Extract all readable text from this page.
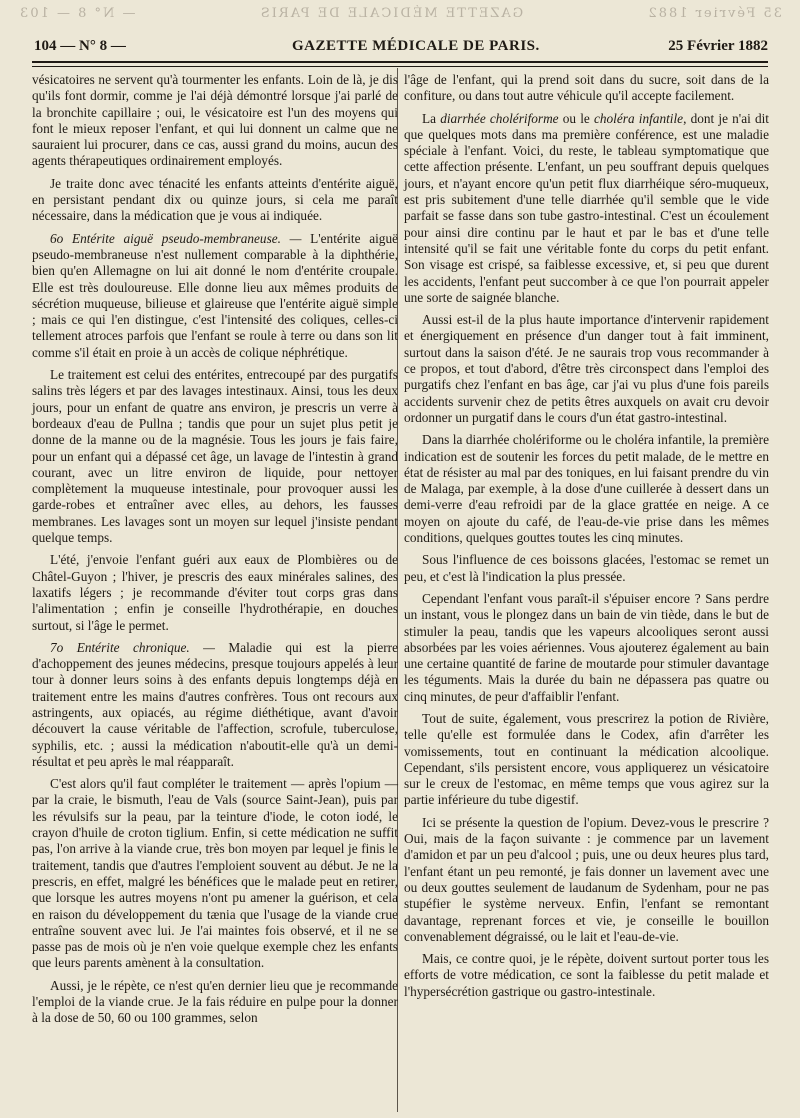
35 Février 1882
GAZETTE MÉDICALE DE PARIS
— N° 8 — 103
104 — N° 8 —	GAZETTE MÉDICALE DE PARIS.	25 Février 1882

vésicatoires ne servent qu'à tourmenter les enfants. Loin de là, je dis qu'ils font dormir, comme je l'ai déjà démontré lorsque j'ai parlé de la bronchite capillaire ; oui, le vésicatoire est l'un des moyens qui font le mieux reposer l'enfant, et qui lui donnent un calme que ne sauraient lui procurer, dans ce cas, aussi grand du moins, aucun des agents thérapeutiques ordinairement employés.

Je traite donc avec ténacité les enfants atteints d'entérite aiguë, en persistant pendant dix ou quinze jours, si cela me paraît nécessaire, dans la médication que je vous ai indiquée.

6o Entérite aiguë pseudo-membraneuse. — L'entérite aiguë pseudo-membraneuse n'est nullement comparable à la diphthérie, bien qu'en Allemagne on lui ait donné le nom d'entérite croupale. Elle est très douloureuse. Elle donne lieu aux mêmes produits de sécrétion muqueuse, bilieuse et glaireuse que l'entérite aiguë simple ; mais ce qui l'en distingue, c'est l'intensité des coliques, celles-ci tellement atroces parfois que l'enfant se roule à terre ou dans son lit comme s'il était en proie à un accès de colique néphrétique.

Le traitement est celui des entérites, entrecoupé par des purgatifs salins très légers et par des lavages intestinaux. Ainsi, tous les deux jours, pour un enfant de quatre ans environ, je prescris un verre à bordeaux d'eau de Pullna ; tandis que pour un sujet plus petit je donne de la manne ou de la magnésie. Tous les jours je fais faire, pour un enfant qui a dépassé cet âge, un lavage de l'intestin à grand courant, avec un litre environ de liquide, pour nettoyer complètement la muqueuse intestinale, pour provoquer aussi les garde-robes et entraîner avec elles, au dehors, les fausses membranes. Les lavages sont un moyen sur lequel j'insiste pendant quelque temps.

L'été, j'envoie l'enfant guéri aux eaux de Plombières ou de Châtel-Guyon ; l'hiver, je prescris des eaux minérales salines, des laxatifs légers ; je recommande d'éviter tout corps gras dans l'alimentation ; enfin je conseille l'hydrothérapie, en douches surtout, si l'âge le permet.

7o Entérite chronique. — Maladie qui est la pierre d'achoppement des jeunes médecins, presque toujours appelés à leur tour à donner leurs soins à des enfants depuis longtemps déjà en traitement entre les mains d'autres confrères. Tous ont recours aux astringents, aux opiacés, au régime diéthétique, avant d'avoir découvert la cause véritable de l'affection, scrofule, tuberculose, syphilis, etc. ; aussi la médication n'aboutit-elle qu'à un demi-résultat et peu après le mal réapparaît.

C'est alors qu'il faut compléter le traitement — après l'opium — par la craie, le bismuth, l'eau de Vals (source Saint-Jean), puis par les révulsifs sur la peau, par la teinture d'iode, le coton iodé, le crayon d'huile de croton tiglium. Enfin, si cette médication ne suffit pas, l'on arrive à la viande crue, très bon moyen par lequel je finis le traitement, tandis que d'autres l'emploient souvent au début. Je ne la prescris, en effet, malgré les bénéfices que le malade peut en retirer, que lorsque les autres moyens n'ont pu amener la guérison, et cela en raison du développement du tænia que l'usage de la viande crue entraîne souvent avec lui. Je l'ai maintes fois observé, et il ne se passe pas de mois où je n'en voie quelque exemple chez les enfants que leurs parents amènent à la consultation.

Aussi, je le répète, ce n'est qu'en dernier lieu que je recommande l'emploi de la viande crue. Je la fais réduire en pulpe pour la donner à la dose de 50, 60 ou 100 grammes, selon

l'âge de l'enfant, qui la prend soit dans du sucre, soit dans de la confiture, ou dans tout autre véhicule qu'il accepte facilement.

La diarrhée cholériforme ou le choléra infantile, dont je n'ai dit que quelques mots dans ma première conférence, est une maladie spéciale à l'enfant. Voici, du reste, le tableau symptomatique que cette affection présente. L'enfant, un peu souffrant depuis quelques jours, et n'ayant encore qu'un petit flux diarrhéique séro-muqueux, est pris subitement d'une telle diarrhée qu'il semble que le vide parfait se fasse dans son tube gastro-intestinal. C'est un écoulement pour ainsi dire continu par le haut et par le bas et d'une telle intensité qu'il se fait une véritable fonte du corps du petit enfant. Son visage est crispé, sa faiblesse excessive, et, si peu que durent les accidents, l'enfant peut succomber à ce que l'on pourrait appeler une sorte de saignée blanche.

Aussi est-il de la plus haute importance d'intervenir rapidement et énergiquement en présence d'un danger tout à fait imminent, surtout dans la saison d'été. Je ne saurais trop vous recommander à ce propos, et tout d'abord, d'être très circonspect dans l'emploi des purgatifs chez l'enfant en bas âge, car j'ai vu plus d'une fois pareils accidents survenir chez de petits êtres auxquels on avait cru devoir ordonner un purgatif dans le cours d'un état gastro-intestinal.

Dans la diarrhée cholériforme ou le choléra infantile, la première indication est de soutenir les forces du petit malade, de le mettre en état de résister au mal par des toniques, en lui faisant prendre du vin de Malaga, par exemple, à la dose d'une cuillerée à dessert dans un demi-verre d'eau refroidi par de la glace grattée en neige. A ce moyen on ajoute du café, de l'eau-de-vie prise dans les mêmes conditions, quelques gouttes toutes les cinq minutes.

Sous l'influence de ces boissons glacées, l'estomac se remet un peu, et c'est là l'indication la plus pressée.

Cependant l'enfant vous paraît-il s'épuiser encore ? Sans perdre un instant, vous le plongez dans un bain de vin tiède, dans le but de stimuler la peau, tandis que les vapeurs alcooliques seront aussi absorbées par les voies aériennes. Vous ajouterez également au bain une certaine quantité de farine de moutarde pour stimuler davantage les téguments. Mais la durée du bain ne dépassera pas quatre ou cinq minutes, de peur d'affaiblir l'enfant.

Tout de suite, également, vous prescrirez la potion de Rivière, telle qu'elle est formulée dans le Codex, afin d'arrêter les vomissements, tout en continuant la médication alcoolique. Cependant, s'ils persistent encore, vous appliquerez un vésicatoire sur le creux de l'estomac, en même temps que vous agirez sur la partie inférieure du tube digestif.

Ici se présente la question de l'opium. Devez-vous le prescrire ? Oui, mais de la façon suivante : je commence par un lavement d'amidon et par un peu d'alcool ; puis, une ou deux heures plus tard, l'enfant étant un peu remonté, je fais donner un lavement avec une ou deux gouttes seulement de laudanum de Sydenham, pour ne pas stupéfier le système nerveux. Enfin, l'enfant se remontant davantage, reprenant forces et vie, je conseille le bouillon convenablement dégraissé, ou le lait et l'eau-de-vie.

Mais, ce contre quoi, je le répète, doivent surtout porter tous les efforts de votre médication, ce sont la faiblesse du petit malade et l'hypersécrétion gastrique ou gastro-intestinale.
